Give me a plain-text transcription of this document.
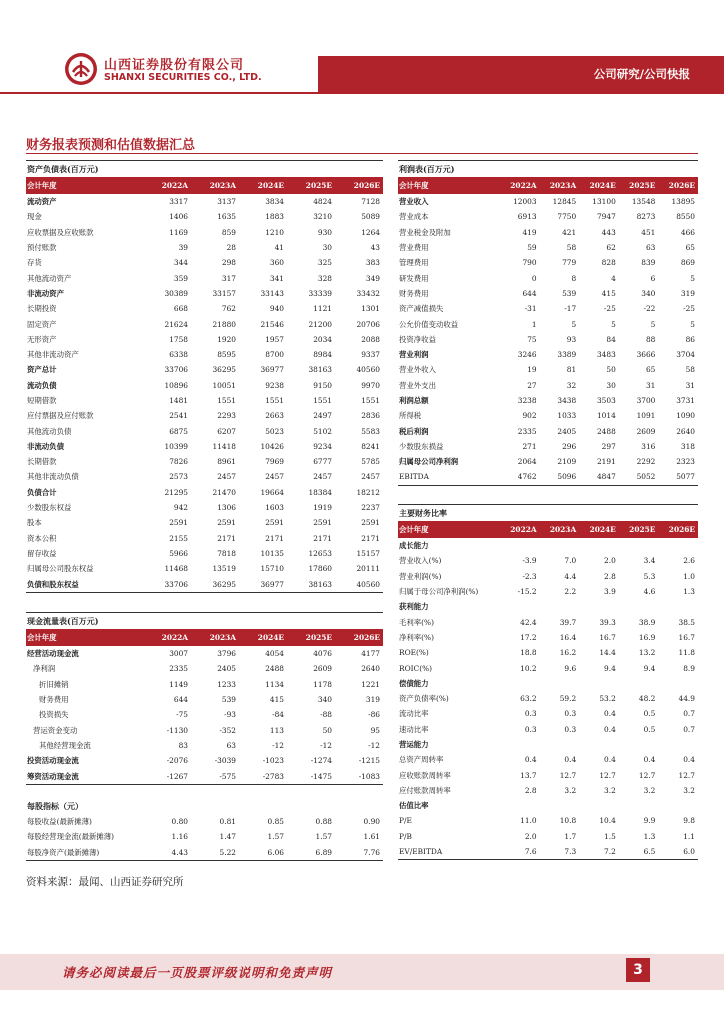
山西证券股份有限公司
SHANXI SECURITIES CO., LTD.	公司研究/公司快报
财务报表预测和估值数据汇总
资产负债表(百万元)
会计年度	2022A	2023A	2024E	2025E	2026E
流动资产	3317	3137	3834	4824	7128
现金	1406	1635	1883	3210	5089
应收票据及应收账款	1169	859	1210	930	1264
预付账款	39	28	41	30	43
存货	344	298	360	325	383
其他流动资产	359	317	341	328	349
非流动资产	30389	33157	33143	33339	33432
长期投资	668	762	940	1121	1301
固定资产	21624	21880	21546	21200	20706
无形资产	1758	1920	1957	2034	2088
其他非流动资产	6338	8595	8700	8984	9337
资产总计	33706	36295	36977	38163	40560
流动负债	10896	10051	9238	9150	9970
短期借款	1481	1551	1551	1551	1551
应付票据及应付账款	2541	2293	2663	2497	2836
其他流动负债	6875	6207	5023	5102	5583
非流动负债	10399	11418	10426	9234	8241
长期借款	7826	8961	7969	6777	5785
其他非流动负债	2573	2457	2457	2457	2457
负债合计	21295	21470	19664	18384	18212
少数股东权益	942	1306	1603	1919	2237
股本	2591	2591	2591	2591	2591
资本公积	2155	2171	2171	2171	2171
留存收益	5966	7818	10135	12653	15157
归属母公司股东权益	11468	13519	15710	17860	20111
负债和股东权益	33706	36295	36977	38163	40560
现金流量表(百万元)
会计年度	2022A	2023A	2024E	2025E	2026E
经营活动现金流	3007	3796	4054	4076	4177
净利润	2335	2405	2488	2609	2640
折旧摊销	1149	1233	1134	1178	1221
财务费用	644	539	415	340	319
投资损失	-75	-93	-84	-88	-86
营运资金变动	-1130	-352	113	50	95
其他经营现金流	83	63	-12	-12	-12
投资活动现金流	-2076	-3039	-1023	-1274	-1215
筹资活动现金流	-1267	-575	-2783	-1475	-1083
每股指标（元）
每股收益(最新摊薄)	0.80	0.81	0.85	0.88	0.90
每股经营现金流(最新摊薄)	1.16	1.47	1.57	1.57	1.61
每股净资产(最新摊薄)	4.43	5.22	6.06	6.89	7.76
利润表(百万元)
会计年度	2022A	2023A	2024E	2025E	2026E
营业收入	12003	12845	13100	13548	13895
营业成本	6913	7750	7947	8273	8550
营业税金及附加	419	421	443	451	466
营业费用	59	58	62	63	65
管理费用	790	779	828	839	869
研发费用	0	8	4	6	5
财务费用	644	539	415	340	319
资产减值损失	-31	-17	-25	-22	-25
公允价值变动收益	1	5	5	5	5
投资净收益	75	93	84	88	86
营业利润	3246	3389	3483	3666	3704
营业外收入	19	81	50	65	58
营业外支出	27	32	30	31	31
利润总额	3238	3438	3503	3700	3731
所得税	902	1033	1014	1091	1090
税后利润	2335	2405	2488	2609	2640
少数股东损益	271	296	297	316	318
归属母公司净利润	2064	2109	2191	2292	2323
EBITDA	4762	5096	4847	5052	5077
主要财务比率
会计年度	2022A	2023A	2024E	2025E	2026E
成长能力					
营业收入(%)	-3.9	7.0	2.0	3.4	2.6
营业利润(%)	-2.3	4.4	2.8	5.3	1.0
归属于母公司净利润(%)	-15.2	2.2	3.9	4.6	1.3
获利能力					
毛利率(%)	42.4	39.7	39.3	38.9	38.5
净利率(%)	17.2	16.4	16.7	16.9	16.7
ROE(%)	18.8	16.2	14.4	13.2	11.8
ROIC(%)	10.2	9.6	9.4	9.4	8.9
偿债能力					
资产负债率(%)	63.2	59.2	53.2	48.2	44.9
流动比率	0.3	0.3	0.4	0.5	0.7
速动比率	0.3	0.3	0.4	0.5	0.7
营运能力					
总资产周转率	0.4	0.4	0.4	0.4	0.4
应收账款周转率	13.7	12.7	12.7	12.7	12.7
应付账款周转率	2.8	3.2	3.2	3.2	3.2
估值比率					
P/E	11.0	10.8	10.4	9.9	9.8
P/B	2.0	1.7	1.5	1.3	1.1
EV/EBITDA	7.6	7.3	7.2	6.5	6.0
资料来源：最闻、山西证券研究所
请务必阅读最后一页股票评级说明和免责声明	3
